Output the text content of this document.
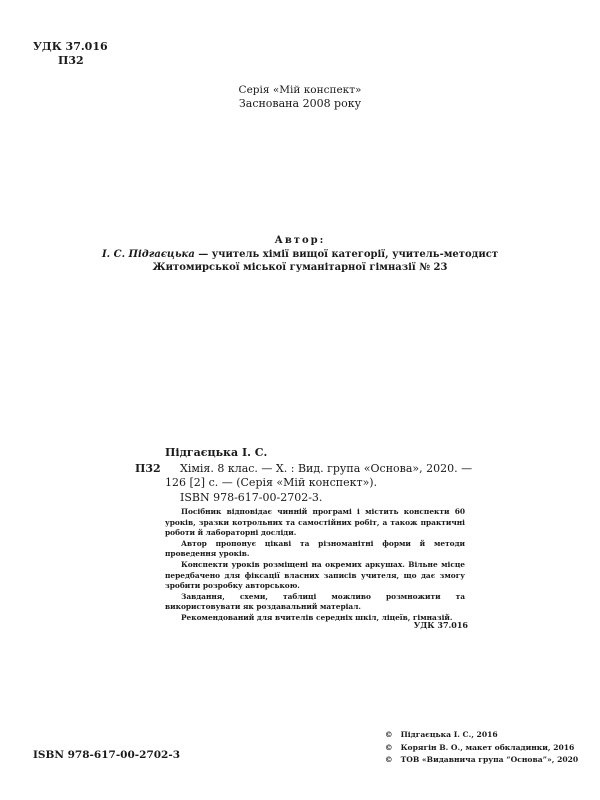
УДК 37.016
П32
Серія «Мій конспект»
Заснована 2008 року
Автор:
І. С. Підгаєцька — учитель хімії вищої категорії, учитель-методист
Житомирської міської гуманітарної гімназії № 23
Підгаєцька І. С.
П32 Хімія. 8 клас. — Х. : Вид. група «Основа», 2020. —
126 [2] с. — (Серія «Мій конспект»).
ISBN 978-617-00-2702-3.

Посібник відповідає чинній програмі і містить конспекти 60 уроків, зразки котрольних та самостійних робіт, а також практичні роботи й лабораторні досліди.

Автор пропонує цікаві та різноманітні форми й методи проведення уроків.

Конспекти уроків розміщені на окремих аркушах. Вільне місце передбачено для фіксації власних записів учителя, що дає змогу зробити розробку авторською.

Завдання, схеми, таблиці можливо розмножити та використовувати як роздавальний матеріал.

Рекомендований для вчителів середніх шкіл, ліцеїв, гімназій.

УДК 37.016
© Підгаєцька І. С., 2016
© Корягін В. О., макет обкладинки, 2016
© ТОВ «Видавнича група “Основа”», 2020
ISBN 978-617-00-2702-3
